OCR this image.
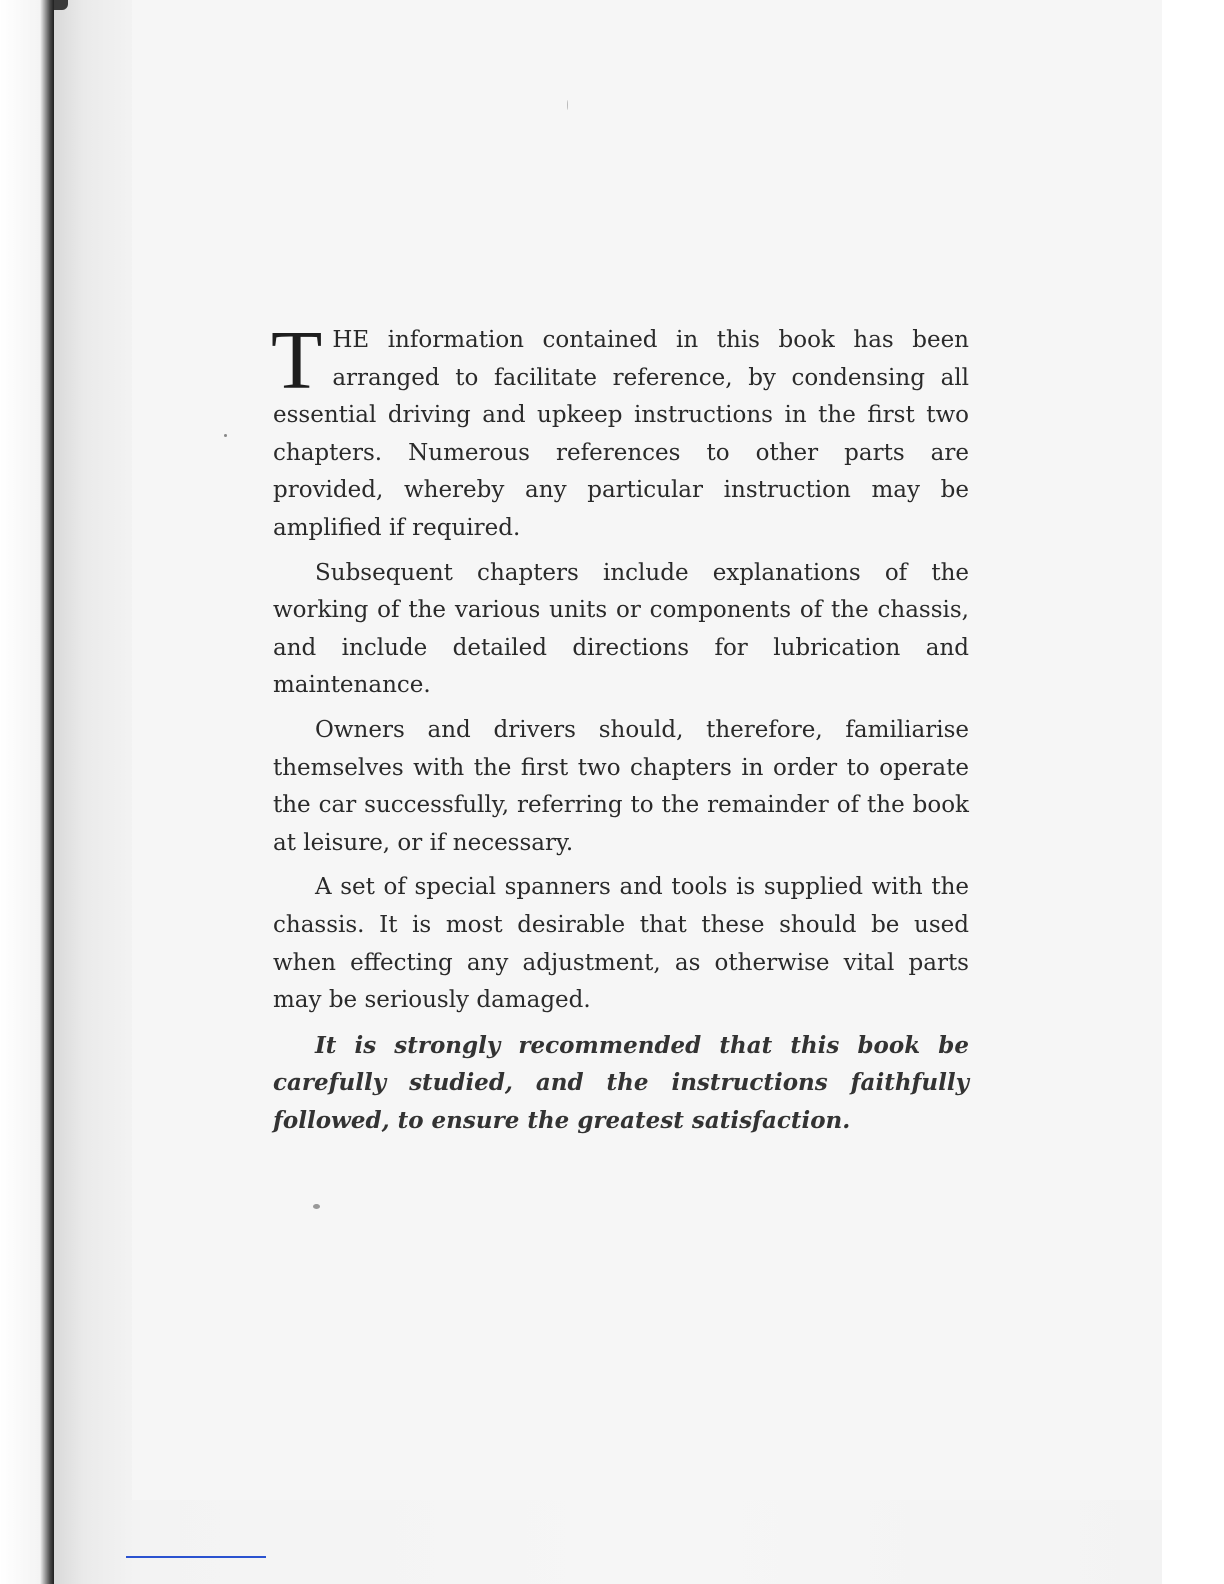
T HE information contained in this book has been arranged to facilitate reference, by condensing all essential driving and upkeep instructions in the first two chapters. Numerous references to other parts are provided, whereby any particular instruction may be amplified if required.

Subsequent chapters include explanations of the working of the various units or components of the chassis, and include detailed directions for lubrication and maintenance.

Owners and drivers should, therefore, familiarise themselves with the first two chapters in order to operate the car successfully, referring to the remainder of the book at leisure, or if necessary.

A set of special spanners and tools is supplied with the chassis. It is most desirable that these should be used when effecting any adjustment, as otherwise vital parts may be seriously damaged.

It is strongly recommended that this book be carefully studied, and the instructions faithfully followed, to ensure the greatest satisfaction.
